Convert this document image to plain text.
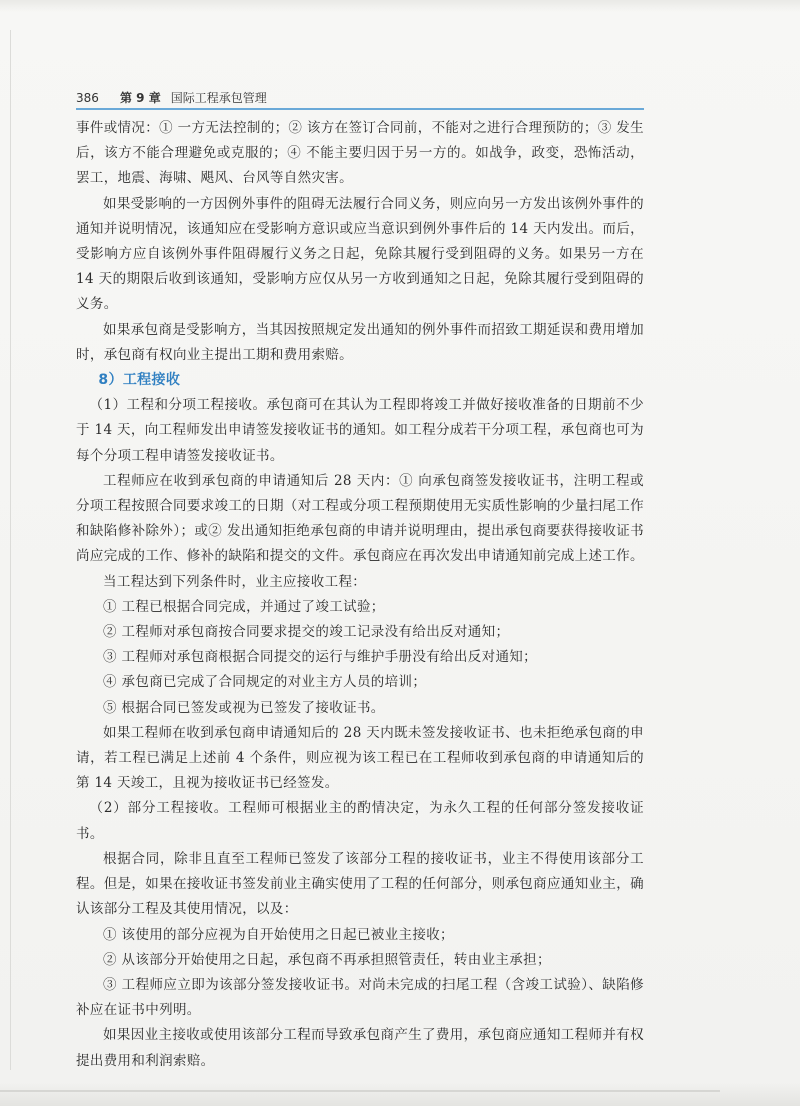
386 第 9 章 国际工程承包管理

事件或情况：① 一方无法控制的；② 该方在签订合同前，不能对之进行合理预防的；③ 发生后，该方不能合理避免或克服的；④ 不能主要归因于另一方的。如战争，政变，恐怖活动，罢工，地震、海啸、飓风、台风等自然灾害。

如果受影响的一方因例外事件的阻碍无法履行合同义务，则应向另一方发出该例外事件的通知并说明情况，该通知应在受影响方意识或应当意识到例外事件后的 14 天内发出。而后，受影响方应自该例外事件阻碍履行义务之日起，免除其履行受到阻碍的义务。如果另一方在 14 天的期限后收到该通知，受影响方应仅从另一方收到通知之日起，免除其履行受到阻碍的义务。

如果承包商是受影响方，当其因按照规定发出通知的例外事件而招致工期延误和费用增加时，承包商有权向业主提出工期和费用索赔。

8）工程接收

（1）工程和分项工程接收。承包商可在其认为工程即将竣工并做好接收准备的日期前不少于 14 天，向工程师发出申请签发接收证书的通知。如工程分成若干分项工程，承包商也可为每个分项工程申请签发接收证书。

工程师应在收到承包商的申请通知后 28 天内：① 向承包商签发接收证书，注明工程或分项工程按照合同要求竣工的日期（对工程或分项工程预期使用无实质性影响的少量扫尾工作和缺陷修补除外）；或② 发出通知拒绝承包商的申请并说明理由，提出承包商要获得接收证书尚应完成的工作、修补的缺陷和提交的文件。承包商应在再次发出申请通知前完成上述工作。

当工程达到下列条件时，业主应接收工程：

① 工程已根据合同完成，并通过了竣工试验；

② 工程师对承包商按合同要求提交的竣工记录没有给出反对通知；

③ 工程师对承包商根据合同提交的运行与维护手册没有给出反对通知；

④ 承包商已完成了合同规定的对业主方人员的培训；

⑤ 根据合同已签发或视为已签发了接收证书。

如果工程师在收到承包商申请通知后的 28 天内既未签发接收证书、也未拒绝承包商的申请，若工程已满足上述前 4 个条件，则应视为该工程已在工程师收到承包商的申请通知后的第 14 天竣工，且视为接收证书已经签发。

（2）部分工程接收。工程师可根据业主的酌情决定，为永久工程的任何部分签发接收证书。

根据合同，除非且直至工程师已签发了该部分工程的接收证书，业主不得使用该部分工程。但是，如果在接收证书签发前业主确实使用了工程的任何部分，则承包商应通知业主，确认该部分工程及其使用情况，以及：

① 该使用的部分应视为自开始使用之日起已被业主接收；

② 从该部分开始使用之日起，承包商不再承担照管责任，转由业主承担；

③ 工程师应立即为该部分签发接收证书。对尚未完成的扫尾工程（含竣工试验）、缺陷修补应在证书中列明。

如果因业主接收或使用该部分工程而导致承包商产生了费用，承包商应通知工程师并有权提出费用和利润索赔。
